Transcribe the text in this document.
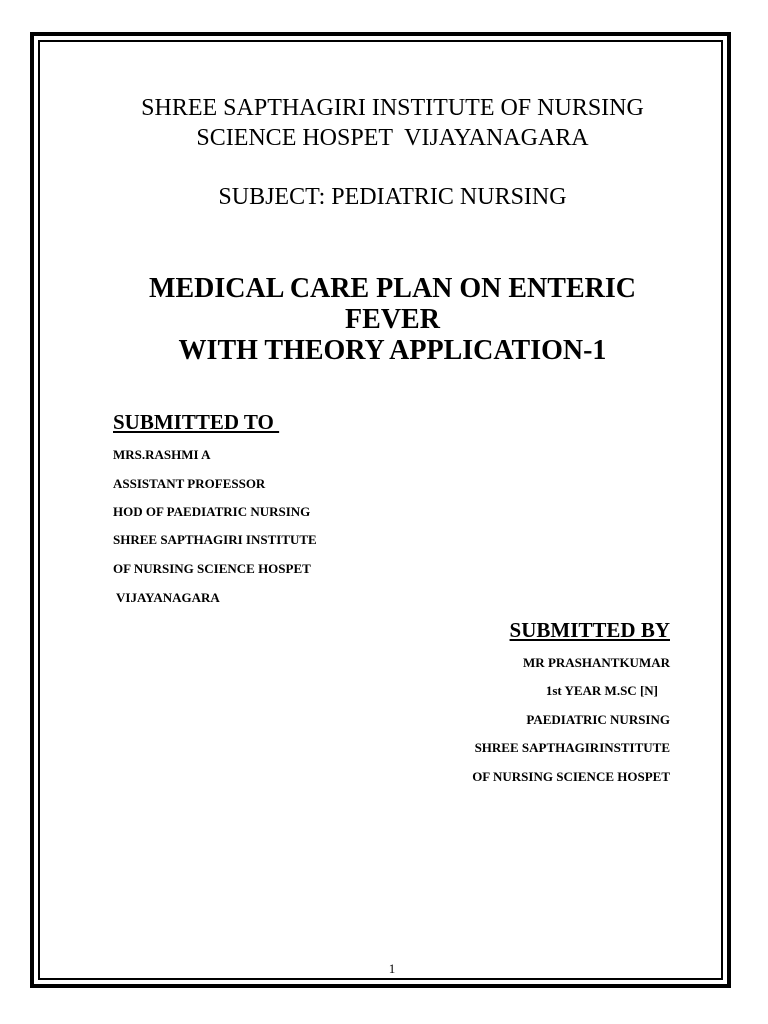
SHREE SAPTHAGIRI INSTITUTE OF NURSING
SCIENCE HOSPET  VIJAYANAGARA
SUBJECT: PEDIATRIC NURSING
MEDICAL CARE PLAN ON ENTERIC
FEVER
WITH THEORY APPLICATION-1
SUBMITTED TO
MRS.RASHMI A
ASSISTANT PROFESSOR
HOD OF PAEDIATRIC NURSING
SHREE SAPTHAGIRI INSTITUTE
OF NURSING SCIENCE HOSPET
VIJAYANAGARA
SUBMITTED BY
MR PRASHANTKUMAR
1st YEAR M.SC [N]
PAEDIATRIC NURSING
SHREE SAPTHAGIRINSTITUTE
OF NURSING SCIENCE HOSPET
1
